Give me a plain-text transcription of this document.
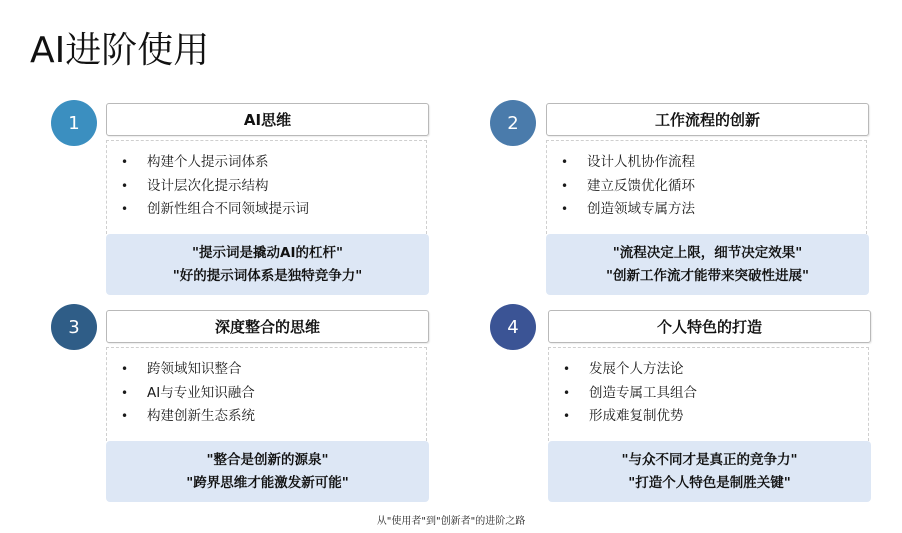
AI进阶使用
1	AI思维
• 构建个人提示词体系
• 设计层次化提示结构
• 创新性组合不同领域提示词
"提示词是撬动AI的杠杆"
"好的提示词体系是独特竞争力"
2	工作流程的创新
• 设计人机协作流程
• 建立反馈优化循环
• 创造领域专属方法
"流程决定上限，细节决定效果"
"创新工作流才能带来突破性进展"
3	深度整合的思维
• 跨领域知识整合
• AI与专业知识融合
• 构建创新生态系统
"整合是创新的源泉"
"跨界思维才能激发新可能"
4	个人特色的打造
• 发展个人方法论
• 创造专属工具组合
• 形成难复制优势
"与众不同才是真正的竞争力"
"打造个人特色是制胜关键"
从"使用者"到"创新者"的进阶之路
